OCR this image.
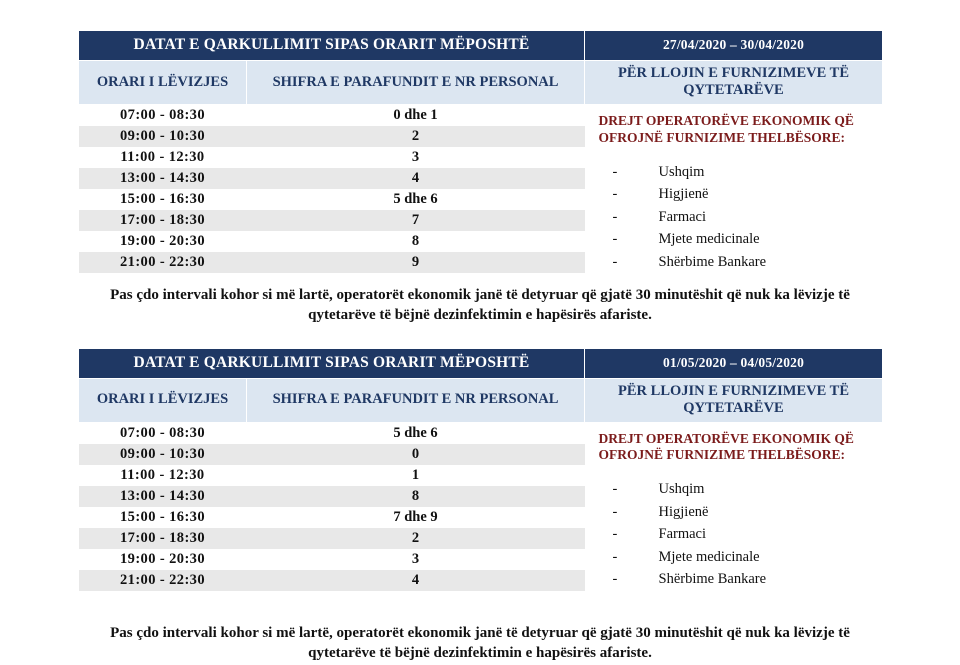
DATAT E QARKULLIMIT SIPAS ORARIT MËPOSHTË		27/04/2020 – 30/04/2020
ORARI I LËVIZJES	SHIFRA E PARAFUNDIT E NR PERSONAL	PËR LLOJIN E FURNIZIMEVE TË QYTETARËVE
07:00 - 08:30	0 dhe 1	DREJT OPERATORËVE EKONOMIK QË OFROJNË FURNIZIME THELBËSORE:
-	Ushqim
-	Higjienë
-	Farmaci
-	Mjete medicinale
-	Shërbime Bankare

09:00 - 10:30	2	
11:00 - 12:30	3	
13:00 - 14:30	4	
15:00 - 16:30	5 dhe 6	
17:00 - 18:30	7	
19:00 - 20:30	8	
21:00 - 22:30	9	
Pas çdo intervali kohor si më lartë, operatorët ekonomik janë të detyruar që gjatë 30 minutëshit që nuk ka lëvizje të qytetarëve të bëjnë dezinfektimin e hapësirës afariste.
DATAT E QARKULLIMIT SIPAS ORARIT MËPOSHTË		01/05/2020 – 04/05/2020
ORARI I LËVIZJES	SHIFRA E PARAFUNDIT E NR PERSONAL	PËR LLOJIN E FURNIZIMEVE TË QYTETARËVE
07:00 - 08:30	5 dhe 6	DREJT OPERATORËVE EKONOMIK QË OFROJNË FURNIZIME THELBËSORE:
-	Ushqim
-	Higjienë
-	Farmaci
-	Mjete medicinale
-	Shërbime Bankare

09:00 - 10:30	0	
11:00 - 12:30	1	
13:00 - 14:30	8	
15:00 - 16:30	7 dhe 9	
17:00 - 18:30	2	
19:00 - 20:30	3	
21:00 - 22:30	4	
Pas çdo intervali kohor si më lartë, operatorët ekonomik janë të detyruar që gjatë 30 minutëshit që nuk ka lëvizje të qytetarëve të bëjnë dezinfektimin e hapësirës afariste.
